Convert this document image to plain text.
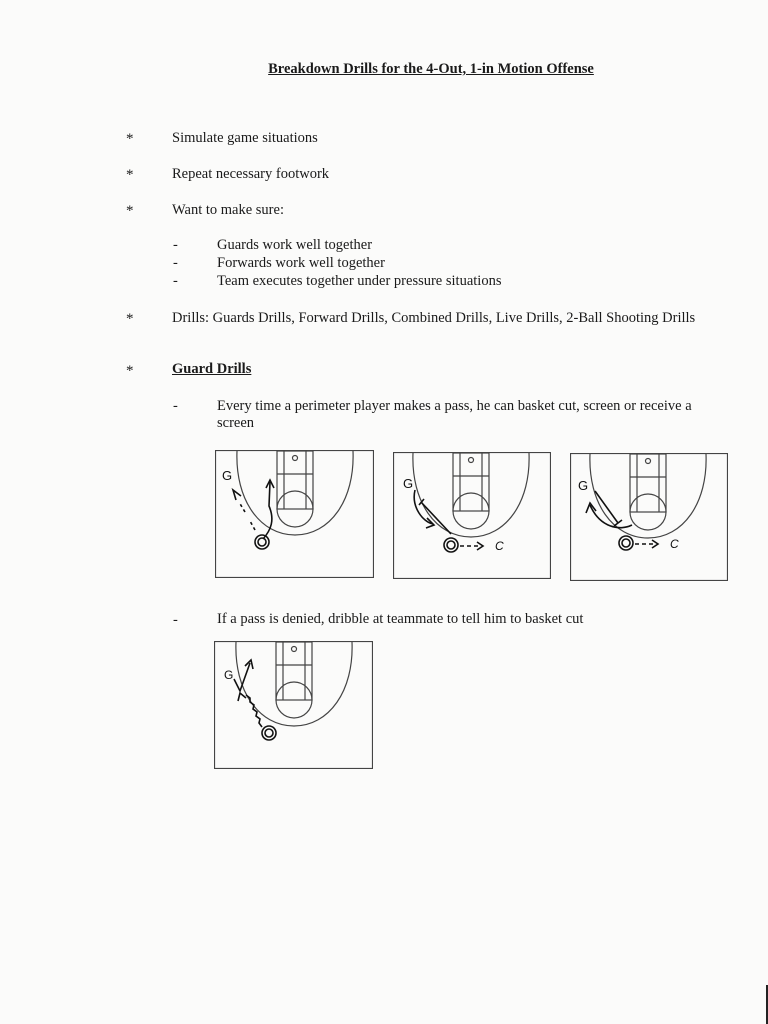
Breakdown Drills for the 4-Out, 1-in Motion Offense
*	Simulate game situations
*	Repeat necessary footwork
*	Want to make sure:
-	Guards work well together
-	Forwards work well together
-	Team executes together under pressure situations
*	Drills: Guards Drills, Forward Drills, Combined Drills, Live Drills, 2-Ball Shooting Drills
*	Guard Drills
-	Every time a perimeter player makes a pass, he can basket cut, screen or receive a
screen
G
G
C
G
C
-	If a pass is denied, dribble at teammate to tell him to basket cut
G
